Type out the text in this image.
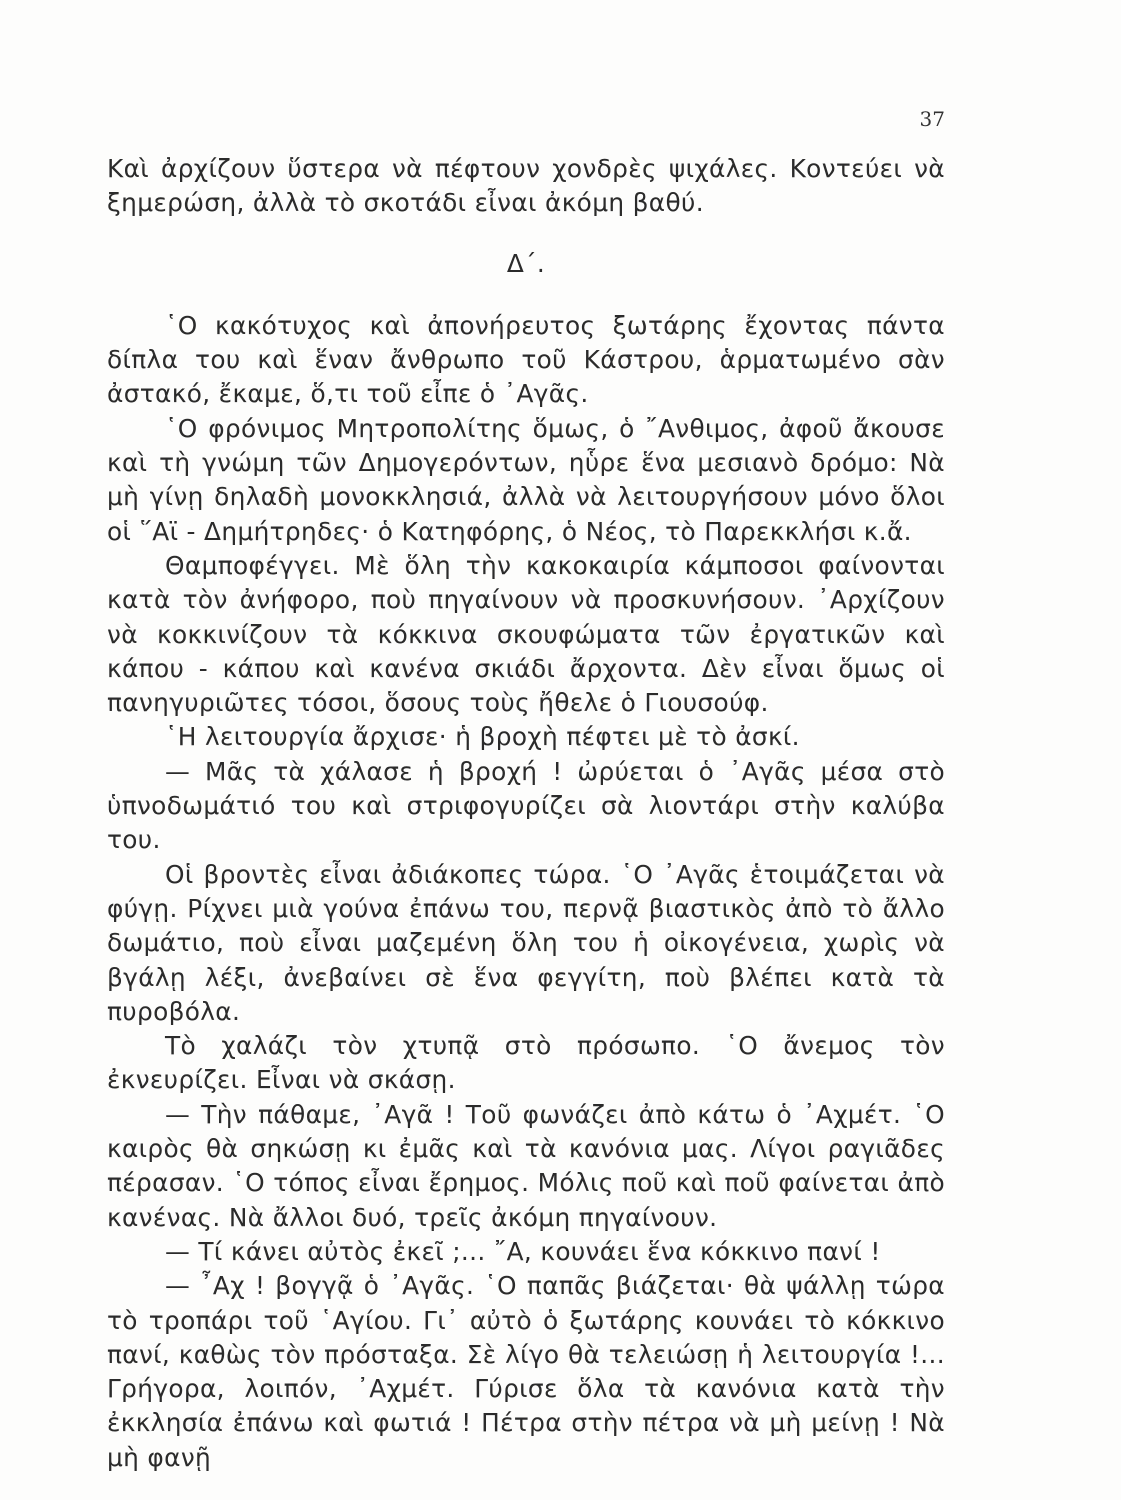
37

Καὶ ἀρχίζουν ὕστερα νὰ πέφτουν χονδρὲς ψιχάλες. Κοντεύει νὰ ξημερώση, ἀλλὰ τὸ σκοτάδι εἶναι ἀκόμη βαθύ.

Δ΄.

῾Ο κακότυχος καὶ ἀπονήρευτος ξωτάρης ἔχοντας πάντα δίπλα του καὶ ἕναν ἄνθρωπο τοῦ Κάστρου, ἁρματωμένο σὰν ἀστακό, ἔκαμε, ὅ,τι τοῦ εἶπε ὁ ᾿Αγᾶς.

῾Ο φρόνιμος Μητροπολίτης ὅμως, ὁ ῎Ανθιμος, ἀφοῦ ἄκουσε καὶ τὴ γνώμη τῶν Δημογερόντων, ηὗρε ἕνα μεσιανὸ δρόμο: Νὰ μὴ γίνῃ δηλαδὴ μονοκκλησιά, ἀλλὰ νὰ λειτουργήσουν μόνο ὅλοι οἱ ῞Αϊ - Δημήτρηδες· ὁ Κατηφόρης, ὁ Νέος, τὸ Παρεκκλήσι κ.ἄ.

Θαμποφέγγει. Μὲ ὅλη τὴν κακοκαιρία κάμποσοι φαίνονται κατὰ τὸν ἀνήφορο, ποὺ πηγαίνουν νὰ προσκυνήσουν. ᾿Αρχίζουν νὰ κοκκινίζουν τὰ κόκκινα σκουφώματα τῶν ἐργατικῶν καὶ κάπου - κάπου καὶ κανένα σκιάδι ἄρχοντα. Δὲν εἶναι ὅμως οἱ πανηγυριῶτες τόσοι, ὅσους τοὺς ἤθελε ὁ Γιουσούφ.

῾Η λειτουργία ἄρχισε· ἡ βροχὴ πέφτει μὲ τὸ ἀσκί.

— Μᾶς τὰ χάλασε ἡ βροχή ! ὠρύεται ὁ ᾿Αγᾶς μέσα στὸ ὑπνοδωμάτιό του καὶ στριφογυρίζει σὰ λιοντάρι στὴν καλύβα του.

Οἱ βροντὲς εἶναι ἀδιάκοπες τώρα. ῾Ο ᾿Αγᾶς ἑτοιμάζεται νὰ φύγῃ. Ρίχνει μιὰ γούνα ἐπάνω του, περνᾷ βιαστικὸς ἀπὸ τὸ ἄλλο δωμάτιο, ποὺ εἶναι μαζεμένη ὅλη του ἡ οἰκογένεια, χωρὶς νὰ βγάλῃ λέξι, ἀνεβαίνει σὲ ἕνα φεγγίτη, ποὺ βλέπει κατὰ τὰ πυροβόλα.

Τὸ χαλάζι τὸν χτυπᾷ στὸ πρόσωπο. ῾Ο ἄνεμος τὸν ἐκνευρίζει. Εἶναι νὰ σκάσῃ.

— Τὴν πάθαμε, ᾿Αγᾶ ! Τοῦ φωνάζει ἀπὸ κάτω ὁ ᾿Αχμέτ. ῾Ο καιρὸς θὰ σηκώσῃ κι ἐμᾶς καὶ τὰ κανόνια μας. Λίγοι ραγιᾶδες πέρασαν. ῾Ο τόπος εἶναι ἔρημος. Μόλις ποῦ καὶ ποῦ φαίνεται ἀπὸ κανένας. Νὰ ἄλλοι δυό, τρεῖς ἀκόμη πηγαίνουν.

— Τί κάνει αὐτὸς ἐκεῖ ;... ῎Α, κουνάει ἕνα κόκκινο πανί !

— ῏Αχ ! βογγᾷ ὁ ᾿Αγᾶς. ῾Ο παπᾶς βιάζεται· θὰ ψάλλῃ τώρα τὸ τροπάρι τοῦ ῾Αγίου. Γι᾿ αὐτὸ ὁ ξωτάρης κουνάει τὸ κόκκινο πανί, καθὼς τὸν πρόσταξα. Σὲ λίγο θὰ τελειώσῃ ἡ λειτουργία !... Γρήγορα, λοιπόν, ᾿Αχμέτ. Γύρισε ὅλα τὰ κανόνια κατὰ τὴν ἐκκλησία ἐπάνω καὶ φωτιά ! Πέτρα στὴν πέτρα νὰ μὴ μείνῃ ! Νὰ μὴ φανῇ
